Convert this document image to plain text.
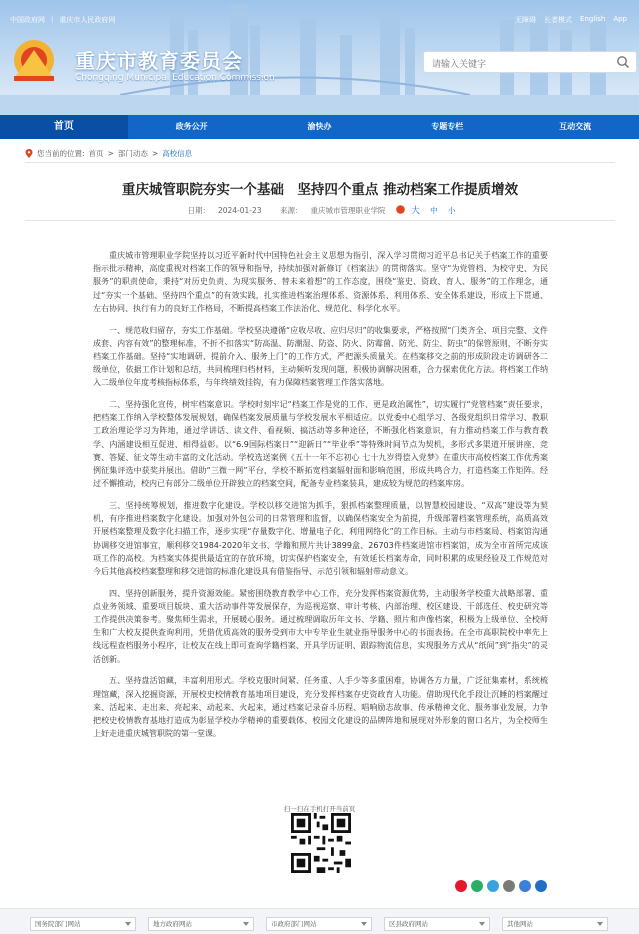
中国政府网 | 重庆市人民政府网	无障碍 长者模式 English App
重庆市教育委员会
Chongqing Municipal Education Commission
请输入关键字
首页	政务公开	渝快办	专题专栏	互动交流
您当前的位置: 首页 > 部门动态 > 高校信息
重庆城管职院夯实一个基础　坚持四个重点 推动档案工作提质增效
日期： 2024-01-23 来源： 重庆城市管理职业学院	大 中 小

重庆城市管理职业学院坚持以习近平新时代中国特色社会主义思想为指引，深入学习贯彻习近平总书记关于档案工作的重要指示批示精神，高度重视对档案工作的领导和指导，持续加强对新修订《档案法》的贯彻落实。坚守“为党管档、为校守史、为民服务”的职责使命，秉持“对历史负责、为现实服务、替未来着想”的工作态度，围绕“鉴史、资政、育人、服务”的工作理念，通过“夯实一个基础、坚持四个重点”的有效实践，扎实推进档案治理体系、资源体系、利用体系、安全体系建设，形成上下贯通、左右协同、执行有力的良好工作格局，不断提高档案工作法治化、规范化、科学化水平。

一、规范收归留存，夯实工作基础。学校坚决遵循“应收尽收、应归尽归”的收集要求，严格按照“门类齐全、项目完整、文件成套、内容有效”的整理标准，不折不扣落实“防高温、防潮湿、防盗、防火、防霉菌、防光、防尘、防虫”的保管原则，不断夯实档案工作基础。坚持“实地调研、提前介入、服务上门”的工作方式，严把源头质量关。在档案移交之前的形成阶段走访调研各二级单位，依据工作计划和总结，共同梳理归档材料，主动频听发现问题，积极协调解决困难，合力探索优化方法。将档案工作纳入二级单位年度考核指标体系，与年终绩效挂钩，有力保障档案管理工作落实落地。

二、坚持强化宣传，树牢档案意识。学校时刻牢记“档案工作是党的工作、更是政治属性”，切实履行“党管档案”责任要求，把档案工作纳入学校整体发展规划，确保档案发展质量与学校发展水平相适应。以党委中心组学习、各级党组织日常学习、教职工政治理论学习为阵地，通过学讲话、读文件、看视频、搞活动等多种途径，不断强化档案意识，有力推动档案工作与教育教学、内涵建设相互促进、相得益彰。以“6.9国际档案日”“迎新日”“毕业季”等特殊时间节点为契机，多形式多渠道开展讲座、竞赛、答疑、征文等生动丰富的文化活动。学校选送案例《五十一年不忘初心 七十九岁得偿入党梦》在重庆市高校档案工作优秀案例征集评选中获奖并展出。借助“三微一网”平台，学校不断拓宽档案辐射面和影响范围，形成共鸣合力，打造档案工作矩阵。经过不懈推动，校内已有部分二级单位开辟独立的档案空间，配备专业档案装具，建成较为规范的档案库房。

三、坚持统筹规划，推进数字化建设。学校以移交进馆为抓手，狠抓档案整理质量，以智慧校园建设、“双高”建设等为契机，有序推进档案数字化建设。加强对外包公司的日常管理和监督，以确保档案安全为前提，升级部署档案管理系统，高质高效开展档案整理及数字化扫描工作，逐步实现“存量数字化、增量电子化、利用网络化”的工作目标。主动与市档案局、档案馆沟通协调移交进馆事宜，顺利移交1984-2020年文书、学籍和照片共计3899盒、26703件档案进馆市档案馆，成为全市首所完成该项工作的高校。为档案实体提供最适宜的存放环境，切实保护档案安全，有效延长档案寿命，同时积累的成果经验及工作规范对今后其他高校档案整理和移交进馆的标准化建设具有借鉴指导、示范引领和辐射带动意义。

四、坚持创新服务，提升资源效能。紧密围绕教育教学中心工作，充分发挥档案资源优势，主动服务学校重大战略部署、重点业务领域、重要项目版块、重大活动事件等发展保存，为巡视巡察、审计考核、内部治理、校区建设、干部选任、校史研究等工作提供决策参考。聚焦师生需求，开展暖心服务。通过梳理调取历年文书、学籍、照片和声像档案，积极为上级单位、全校师生和广大校友提供查询利用，凭借优质高效的服务受到市大中专毕业生就业指导服务中心的书面表扬。在全市高职院校中率先上线远程查档服务小程序，让校友在线上即可查询学籍档案、开具学历证明、跟踪物流信息，实现服务方式从“纸间”到“指尖”的灵活创新。

五、坚持盘活馆藏，丰富利用形式。学校克服时间紧、任务重、人手少等多重困难，协调各方力量，广泛征集素材，系统梳理馆藏，深入挖掘资源，开展校史校情教育基地项目建设，充分发挥档案存史资政育人功能。借助现代化手段让沉睡的档案醒过来、活起来、走出来、亮起来、动起来、火起来，通过档案记录奋斗历程、唱响励志故事、传承精神文化、服务事业发展，力争把校史校情教育基地打造成为彰显学校办学精神的重要载体、校园文化建设的品牌阵地和展现对外形象的窗口名片，为全校师生上好走进重庆城管职院的第一堂课。

扫一扫在手机打开当前页
国务院部门网站	地方政府网站	市政府部门网站	区县政府网站	其他网站
